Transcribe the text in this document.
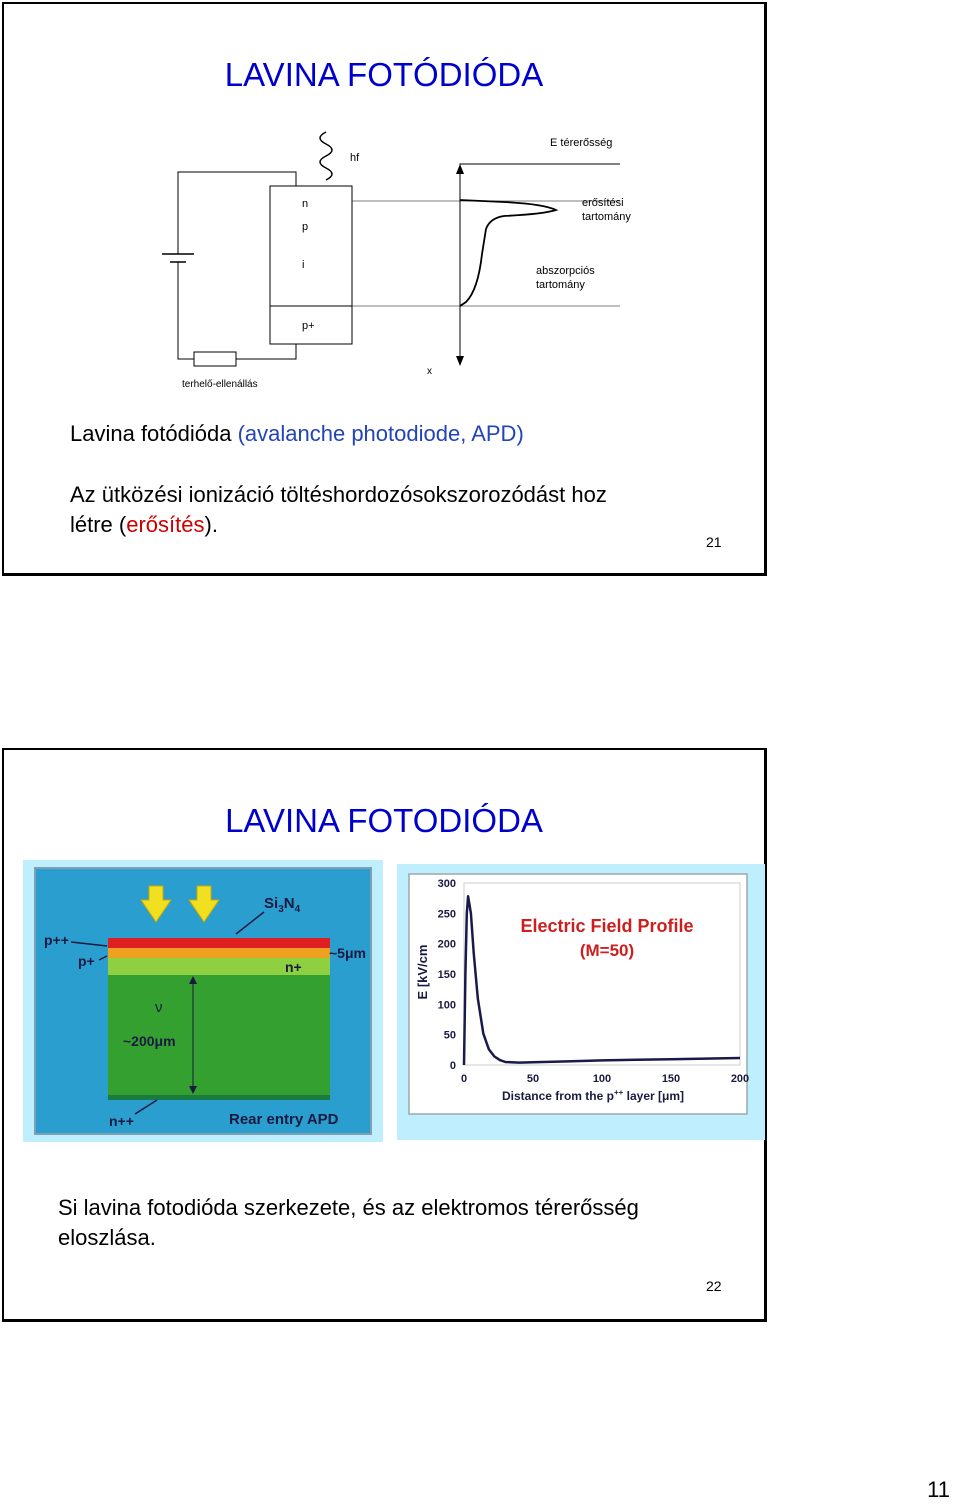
LAVINA FOTÓDIÓDA
hf
n
p
i
p+
terhelő-ellenállás
E térerősség
x
erősítési tartomány
abszorpciós tartomány
Lavina fotódióda (avalanche photodiode, APD)
Az ütközési ionizáció töltéshordozósokszorozódást hoz
létre (erősítés).
21
LAVINA FOTODIÓDA
$Si_3N_4$
p++
p+	n+
~5μm
ν
~200μm
n++	Rear entry APD
0
50
100
150
200
250
300
0	50	100	150	200
Electric Field Profile
(M=50)
E [kV/cm
Distance from the p++ layer [μm]
Si lavina fotodióda szerkezete, és az elektromos térerősség
eloszlása.
22
11
